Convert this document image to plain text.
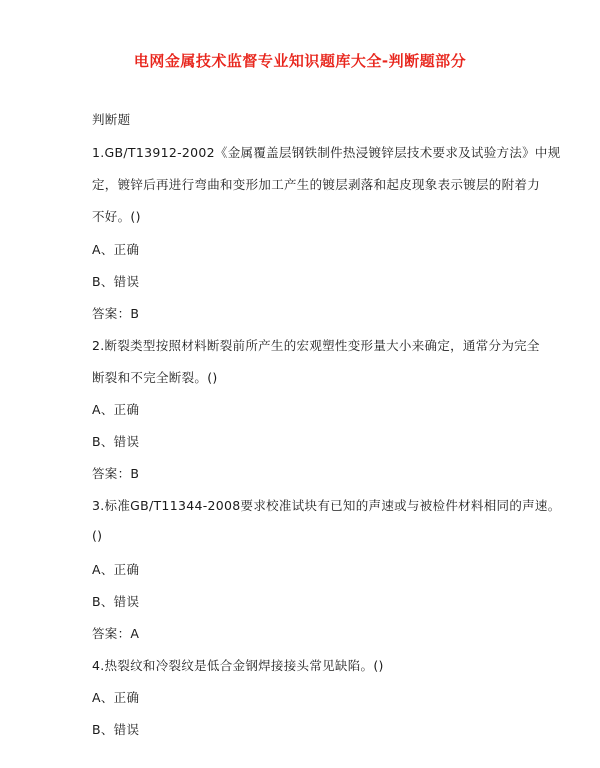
电网金属技术监督专业知识题库大全-判断题部分
判断题
1.GB/T13912-2002《金属覆盖层钢铁制件热浸镀锌层技术要求及试验方法》中规
定，镀锌后再进行弯曲和变形加工产生的镀层剥落和起皮现象表示镀层的附着力
不好。()
A、正确
B、错误
答案：B
2.断裂类型按照材料断裂前所产生的宏观塑性变形量大小来确定，通常分为完全
断裂和不完全断裂。()
A、正确
B、错误
答案：B
3.标准GB/T11344-2008要求校准试块有已知的声速或与被检件材料相同的声速。
()
A、正确
B、错误
答案：A
4.热裂纹和冷裂纹是低合金钢焊接接头常见缺陷。()
A、正确
B、错误
